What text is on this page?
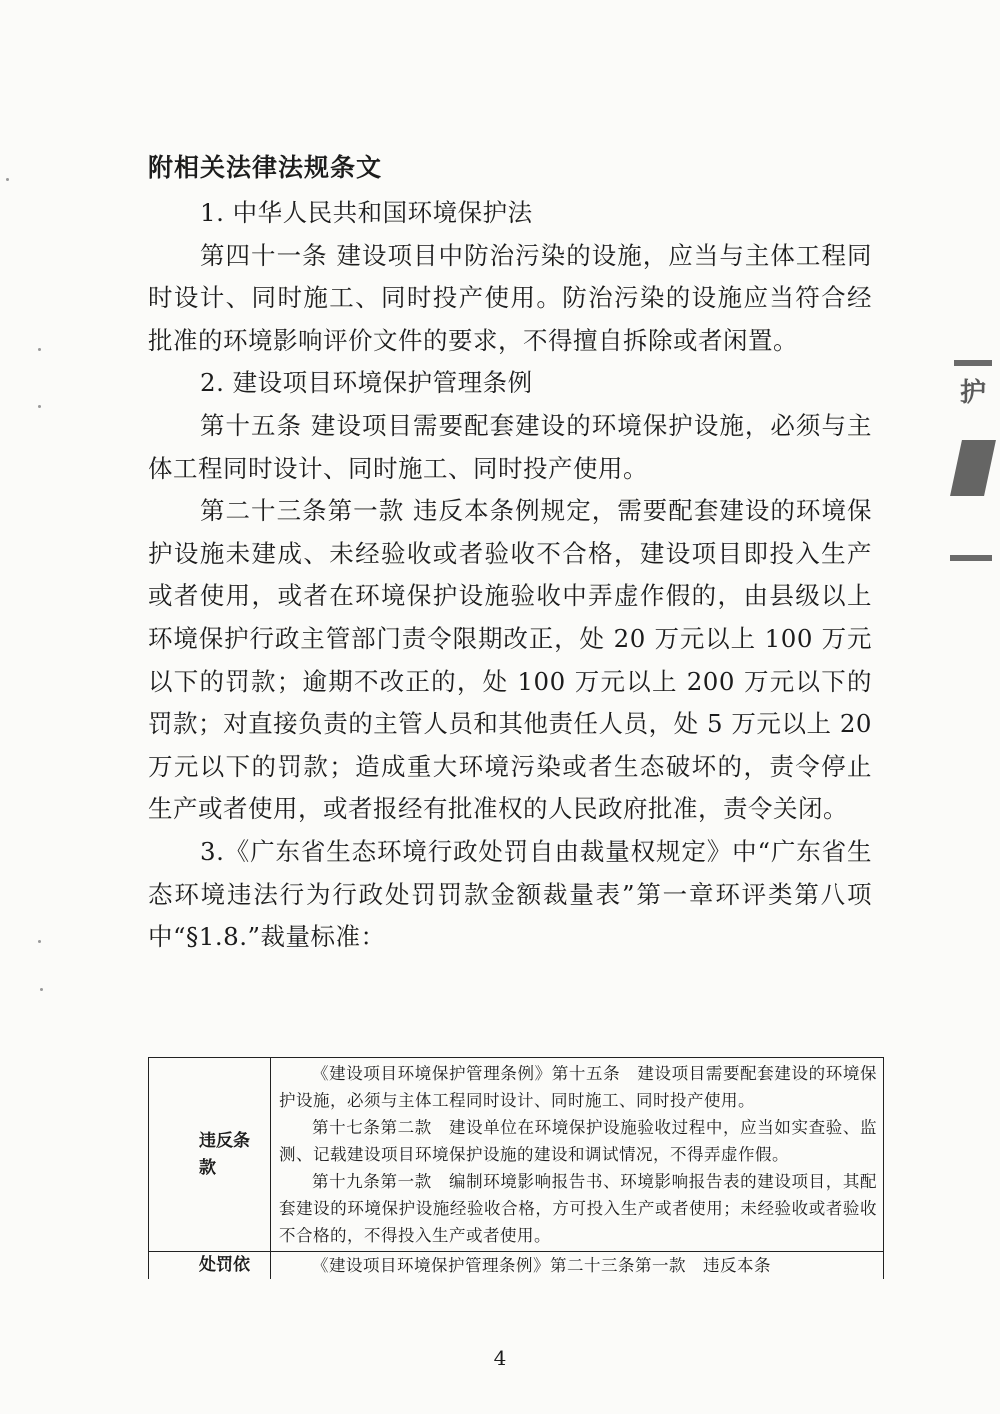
附相关法律法规条文

1. 中华人民共和国环境保护法

第四十一条 建设项目中防治污染的设施，应当与主体工程同时设计、同时施工、同时投产使用。防治污染的设施应当符合经批准的环境影响评价文件的要求，不得擅自拆除或者闲置。

2. 建设项目环境保护管理条例

第十五条 建设项目需要配套建设的环境保护设施，必须与主体工程同时设计、同时施工、同时投产使用。

第二十三条第一款 违反本条例规定，需要配套建设的环境保护设施未建成、未经验收或者验收不合格，建设项目即投入生产或者使用，或者在环境保护设施验收中弄虚作假的，由县级以上环境保护行政主管部门责令限期改正，处 20 万元以上 100 万元以下的罚款；逾期不改正的，处 100 万元以上 200 万元以下的罚款；对直接负责的主管人员和其他责任人员，处 5 万元以上 20 万元以下的罚款；造成重大环境污染或者生态破坏的，责令停止生产或者使用，或者报经有批准权的人民政府批准，责令关闭。

3.《广东省生态环境行政处罚自由裁量权规定》中“广东省生态环境违法行为行政处罚罚款金额裁量表”第一章环评类第八项中“§1.8.”裁量标准：

违反条款	《建设项目环境保护管理条例》第十五条　建设项目需要配套建设的环境保护设施，必须与主体工程同时设计、同时施工、同时投产使用。

第十七条第二款　建设单位在环境保护设施验收过程中，应当如实查验、监测、记载建设项目环境保护设施的建设和调试情况，不得弄虚作假。

第十九条第一款　编制环境影响报告书、环境影响报告表的建设项目，其配套建设的环境保护设施经验收合格，方可投入生产或者使用；未经验收或者验收不合格的，不得投入生产或者使用。

处罚依	《建设项目环境保护管理条例》第二十三条第一款　违反本条

4
护
